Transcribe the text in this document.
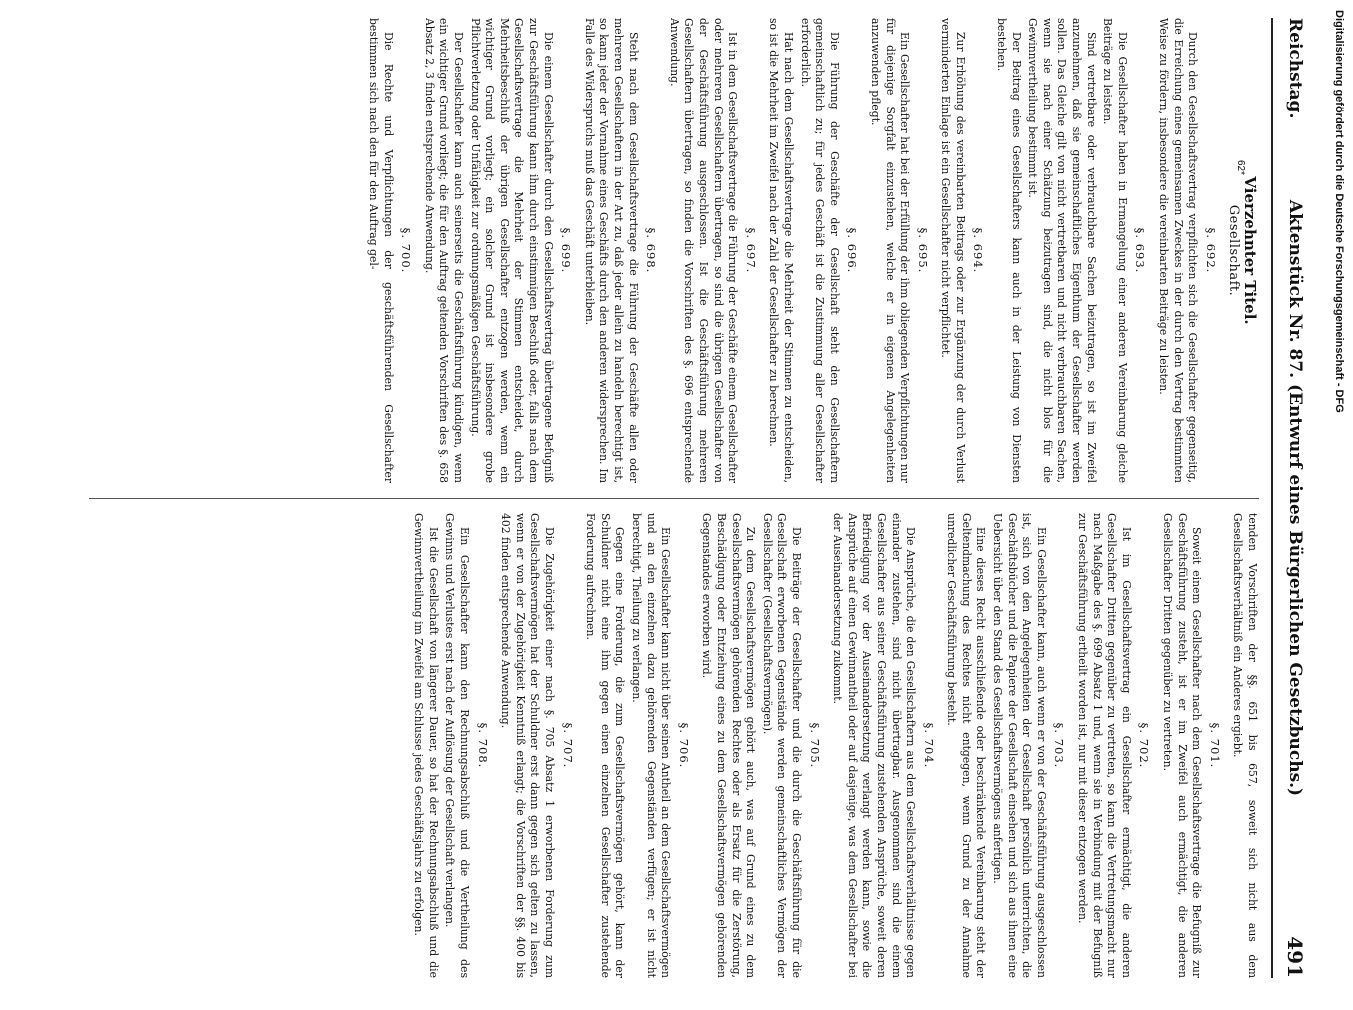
Reichstag.
Aktenstück Nr. 87. (Entwurf eines Bürgerlichen Gesetzbuchs.)
491
Vierzehnter Titel.
Gesellschaft.
§. 692.
Durch den Gesellschaftsvertrag verpflichten sich die Gesellschafter gegenseitig, die Erreichung eines gemeinsamen Zweckes in der durch den Vertrag bestimmten Weise zu fördern, insbesondere die vereinbarten Beiträge zu leisten.
§. 693.
Die Gesellschafter haben in Ermangelung einer anderen Vereinbarung gleiche Beiträge zu leisten.
Sind vertretbare oder verbrauchbare Sachen beizutragen, so ist im Zweifel anzunehmen, daß sie gemeinschaftliches Eigenthum der Gesellschafter werden sollen. Das Gleiche gilt von nicht vertretbaren und nicht verbrauchbaren Sachen, wenn sie nach einer Schätzung beizutragen sind, die nicht blos für die Gewinnvertheilung bestimmt ist.
Der Beitrag eines Gesellschafters kann auch in der Leistung von Diensten bestehen.
§. 694.
Zur Erhöhung des vereinbarten Beitrags oder zur Ergänzung der durch Verlust verminderten Einlage ist ein Gesellschafter nicht verpflichtet.
§. 695.
Ein Gesellschafter hat bei der Erfüllung der ihm obliegenden Verpflichtungen nur für diejenige Sorgfalt einzustehen, welche er in eigenen Angelegenheiten anzuwenden pflegt.
§. 696.
Die Führung der Geschäfte der Gesellschaft steht den Gesellschaftern gemeinschaftlich zu; für jedes Geschäft ist die Zustimmung aller Gesellschafter erforderlich.
Hat nach dem Gesellschaftsvertrage die Mehrheit der Stimmen zu entscheiden, so ist die Mehrheit im Zweifel nach der Zahl der Gesellschafter zu berechnen.
§. 697.
Ist in dem Gesellschaftsvertrage die Führung der Geschäfte einem Gesellschafter oder mehreren Gesellschaftern übertragen, so sind die übrigen Gesellschafter von der Geschäftsführung ausgeschlossen. Ist die Geschäftsführung mehreren Gesellschaftern übertragen, so finden die Vorschriften des §. 696 entsprechende Anwendung.
§. 698.
Steht nach dem Gesellschaftsvertrage die Führung der Geschäfte allen oder mehreren Gesellschaftern in der Art zu, daß jeder allein zu handeln berechtigt ist, so kann jeder der Vornahme eines Geschäfts durch den anderen widersprechen. Im Falle des Widerspruchs muß das Geschäft unterbleiben.
§. 699.
Die einem Gesellschafter durch den Gesellschaftsvertrag übertragene Befugniß zur Geschäftsführung kann ihm durch einstimmigen Beschluß oder, falls nach dem Gesellschaftsvertrage die Mehrheit der Stimmen entscheidet, durch Mehrheitsbeschluß der übrigen Gesellschafter entzogen werden, wenn ein wichtiger Grund vorliegt; ein solcher Grund ist insbesondere grobe Pflichtverletzung oder Unfähigkeit zur ordnungsmäßigen Geschäftsführung.
Der Gesellschafter kann auch seinerseits die Geschäftsführung kündigen, wenn ein wichtiger Grund vorliegt; die für den Auftrag geltenden Vorschriften des §. 658 Absatz 2, 3 finden entsprechende Anwendung.
§. 700.
Die Rechte und Verpflichtungen der geschäftsführenden Gesellschafter bestimmen sich nach den für den Auftrag gel-
tenden Vorschriften der §§. 651 bis 657, soweit sich nicht aus dem Gesellschaftsverhältniß ein Anderes ergiebt.
§. 701.
Soweit einem Gesellschafter nach dem Gesellschaftsvertrage die Befugniß zur Geschäftsführung zusteht, ist er im Zweifel auch ermächtigt, die anderen Gesellschafter Dritten gegenüber zu vertreten.
§. 702.
Ist im Gesellschaftsvertrag ein Gesellschafter ermächtigt, die anderen Gesellschafter Dritten gegenüber zu vertreten, so kann die Vertretungsmacht nur nach Maßgabe des §. 699 Absatz 1 und, wenn sie in Verbindung mit der Befugniß zur Geschäftsführung ertheilt worden ist, nur mit dieser entzogen werden.
§. 703.
Ein Gesellschafter kann, auch wenn er von der Geschäftsführung ausgeschlossen ist, sich von den Angelegenheiten der Gesellschaft persönlich unterrichten, die Geschäftsbücher und die Papiere der Gesellschaft einsehen und sich aus ihnen eine Uebersicht über den Stand des Gesellschaftsvermögens anfertigen.
Eine dieses Recht ausschließende oder beschränkende Vereinbarung steht der Geltendmachung des Rechtes nicht entgegen, wenn Grund zu der Annahme unredlicher Geschäftsführung besteht.
§. 704.
Die Ansprüche, die den Gesellschaftern aus dem Gesellschaftsverhältnisse gegen einander zustehen, sind nicht übertragbar. Ausgenommen sind die einem Gesellschafter aus seiner Geschäftsführung zustehenden Ansprüche, soweit deren Befriedigung vor der Auseinandersetzung verlangt werden kann, sowie die Ansprüche auf einen Gewinnantheil oder auf dasjenige, was dem Gesellschafter bei der Auseinandersetzung zukommt.
§. 705.
Die Beiträge der Gesellschafter und die durch die Geschäftsführung für die Gesellschaft erworbenen Gegenstände werden gemeinschaftliches Vermögen der Gesellschafter (Gesellschaftsvermögen).
Zu dem Gesellschaftsvermögen gehört auch, was auf Grund eines zu dem Gesellschaftsvermögen gehörenden Rechtes oder als Ersatz für die Zerstörung, Beschädigung oder Entziehung eines zu dem Gesellschaftsvermögen gehörenden Gegenstandes erworben wird.
§. 706.
Ein Gesellschafter kann nicht über seinen Antheil an dem Gesellschaftsvermögen und an den einzelnen dazu gehörenden Gegenständen verfügen; er ist nicht berechtigt, Theilung zu verlangen.
Gegen eine Forderung, die zum Gesellschaftsvermögen gehört, kann der Schuldner nicht eine ihm gegen einen einzelnen Gesellschafter zustehende Forderung aufrechnen.
§. 707.
Die Zugehörigkeit einer nach §. 705 Absatz 1 erworbenen Forderung zum Gesellschaftsvermögen hat der Schuldner erst dann gegen sich gelten zu lassen, wenn er von der Zugehörigkeit Kenntniß erlangt; die Vorschriften der §§. 400 bis 402 finden entsprechende Anwendung.
§. 708.
Ein Gesellschafter kann den Rechnungsabschluß und die Vertheilung des Gewinns und Verlustes erst nach der Auflösung der Gesellschaft verlangen.
Ist die Gesellschaft von längerer Dauer, so hat der Rechnungsabschluß und die Gewinnvertheilung im Zweifel am Schlusse jedes Geschäftsjahrs zu erfolgen.
62*	Digitalisierung gefördert durch die Deutsche Forschungsgemeinschaft - DFG
